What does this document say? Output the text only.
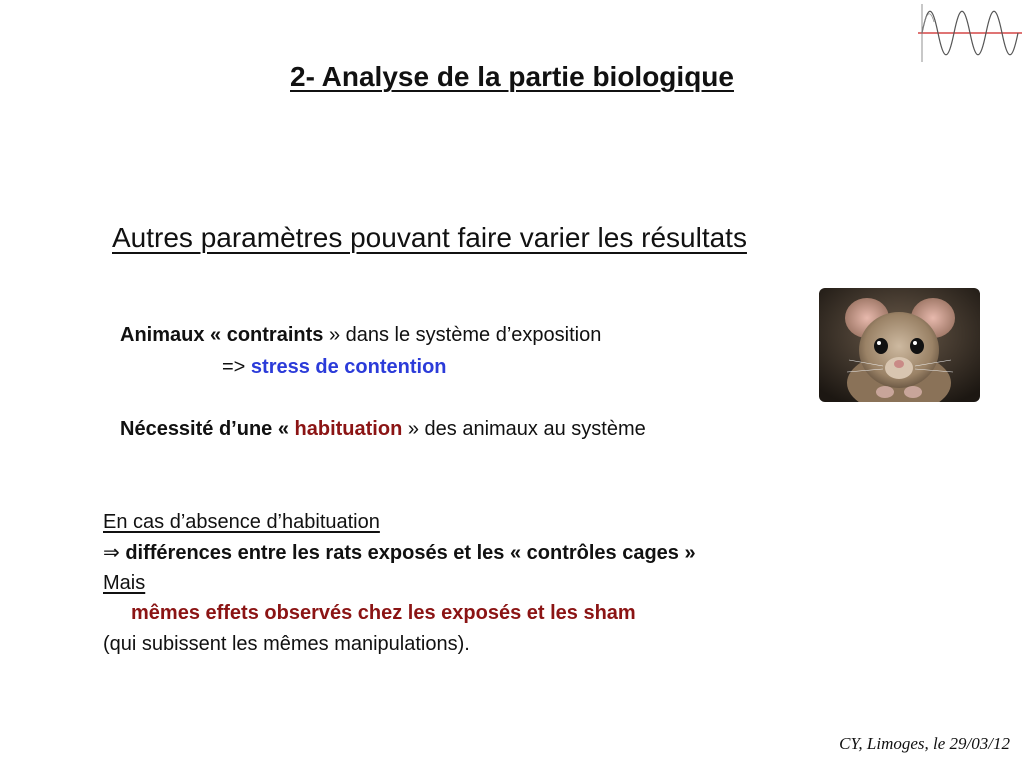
2- Analyse de la partie biologique
Autres paramètres pouvant faire varier les résultats
Animaux « contraints » dans le système d’exposition
=> stress de contention
Nécessité d’une « habituation » des animaux au système
En cas d’absence d’habituation
⇒ différences entre les rats exposés et les « contrôles cages »
Mais
mêmes effets observés chez les exposés et les sham
(qui subissent les mêmes manipulations).
CY, Limoges, le 29/03/12
